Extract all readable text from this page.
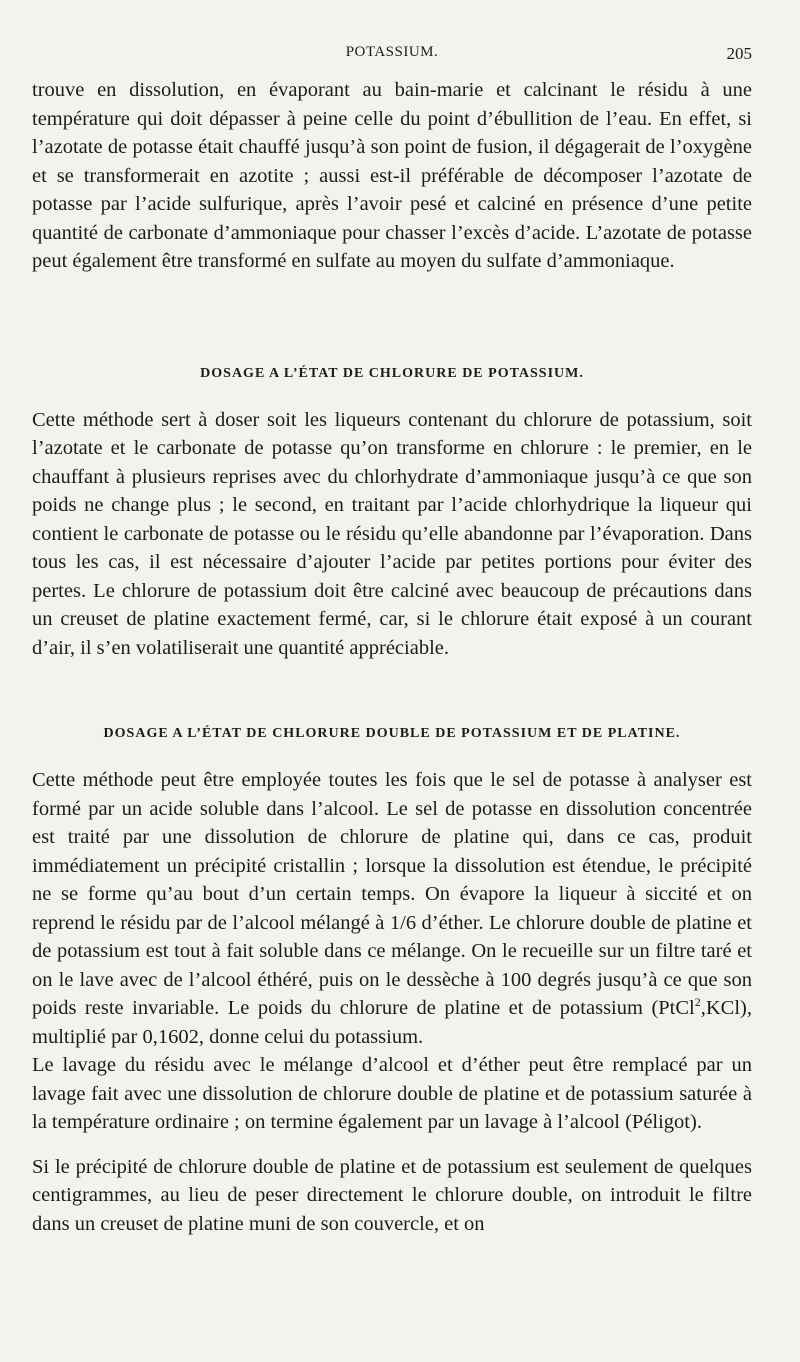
POTASSIUM.	205

trouve en dissolution, en évaporant au bain-marie et calcinant le résidu à une température qui doit dépasser à peine celle du point d’ébullition de l’eau. En effet, si l’azotate de potasse était chauffé jusqu’à son point de fusion, il dégagerait de l’oxygène et se transformerait en azotite ; aussi est-il préférable de décomposer l’azotate de potasse par l’acide sulfurique, après l’avoir pesé et calciné en présence d’une petite quantité de carbonate d’ammoniaque pour chasser l’excès d’acide. L’azotate de potasse peut également être transformé en sulfate au moyen du sulfate d’ammoniaque.

DOSAGE A L’ÉTAT DE CHLORURE DE POTASSIUM.

Cette méthode sert à doser soit les liqueurs contenant du chlorure de potassium, soit l’azotate et le carbonate de potasse qu’on transforme en chlorure : le premier, en le chauffant à plusieurs reprises avec du chlorhydrate d’ammoniaque jusqu’à ce que son poids ne change plus ; le second, en traitant par l’acide chlorhydrique la liqueur qui contient le carbonate de potasse ou le résidu qu’elle abandonne par l’évaporation. Dans tous les cas, il est nécessaire d’ajouter l’acide par petites portions pour éviter des pertes. Le chlorure de potassium doit être calciné avec beaucoup de précautions dans un creuset de platine exactement fermé, car, si le chlorure était exposé à un courant d’air, il s’en volatiliserait une quantité appréciable.

DOSAGE A L’ÉTAT DE CHLORURE DOUBLE DE POTASSIUM ET DE PLATINE.

Cette méthode peut être employée toutes les fois que le sel de potasse à analyser est formé par un acide soluble dans l’alcool. Le sel de potasse en dissolution concentrée est traité par une dissolution de chlorure de platine qui, dans ce cas, produit immédiatement un précipité cristallin ; lorsque la dissolution est étendue, le précipité ne se forme qu’au bout d’un certain temps. On évapore la liqueur à siccité et on reprend le résidu par de l’alcool mélangé à 1/6 d’éther. Le chlorure double de platine et de potassium est tout à fait soluble dans ce mélange. On le recueille sur un filtre taré et on le lave avec de l’alcool éthéré, puis on le dessèche à 100 degrés jusqu’à ce que son poids reste invariable. Le poids du chlorure de platine et de potassium (PtCl$^2$,KCl), multiplié par 0,1602, donne celui du potassium.

Le lavage du résidu avec le mélange d’alcool et d’éther peut être remplacé par un lavage fait avec une dissolution de chlorure double de platine et de potassium saturée à la température ordinaire ; on termine également par un lavage à l’alcool (Péligot).

Si le précipité de chlorure double de platine et de potassium est seulement de quelques centigrammes, au lieu de peser directement le chlorure double, on introduit le filtre dans un creuset de platine muni de son couvercle, et on
